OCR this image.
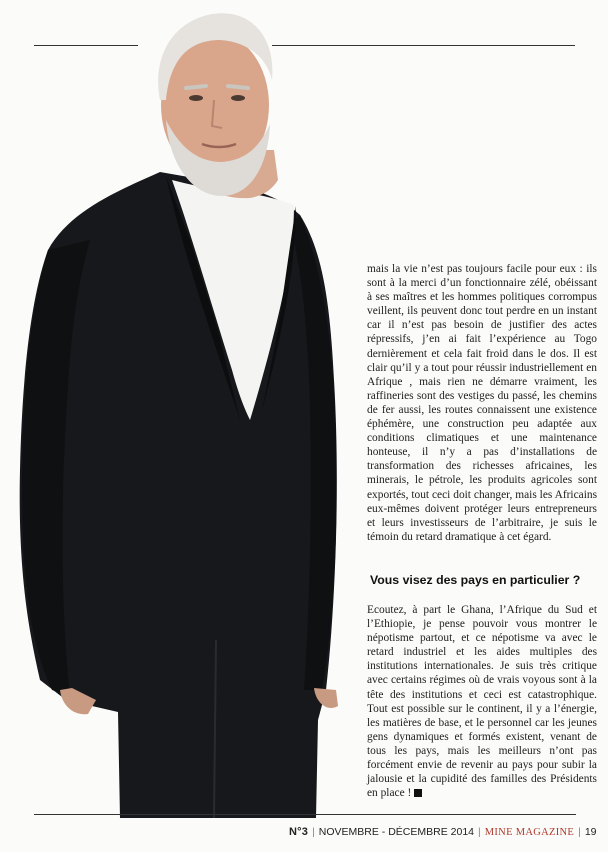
mais la vie n’est pas toujours facile pour eux : ils sont à la merci d’un fonctionnaire zélé, obéissant à ses maîtres et les hommes politiques corrompus veillent, ils peuvent donc tout perdre en un instant car il n’est pas besoin de justifier des actes répressifs, j’en ai fait l’expérience au Togo dernièrement et cela fait froid dans le dos. Il est clair qu’il y a tout pour réussir industriellement en Afrique , mais rien ne démarre vraiment, les raffineries sont des vestiges du passé, les chemins de fer aussi, les routes connaissent une existence éphémère, une construction peu adaptée aux conditions climatiques et une maintenance honteuse, il n’y a pas d’installations de transformation des richesses africaines, les minerais, le pétrole, les produits agricoles sont exportés, tout ceci doit changer, mais les Africains eux-mêmes doivent protéger leurs entrepreneurs et leurs investisseurs de l’arbitraire, je suis le témoin du retard dramatique à cet égard.

Vous visez des pays en particulier ?

Ecoutez, à part le Ghana, l’Afrique du Sud et l’Ethiopie, je pense pouvoir vous montrer le népotisme partout, et ce népotisme va avec le retard industriel et les aides multiples des institutions internationales. Je suis très critique avec certains régimes où de vrais voyous sont à la tête des institutions et ceci est catastrophique. Tout est possible sur le continent, il y a l’énergie, les matières de base, et le personnel car les jeunes gens dynamiques et formés existent, venant de tous les pays, mais les meilleurs n’ont pas forcément envie de revenir au pays pour subir la jalousie et la cupidité des familles des Présidents en place !

N°3 | NOVEMBRE - DÉCEMBRE 2014 | MINE MAGAZINE | 19
